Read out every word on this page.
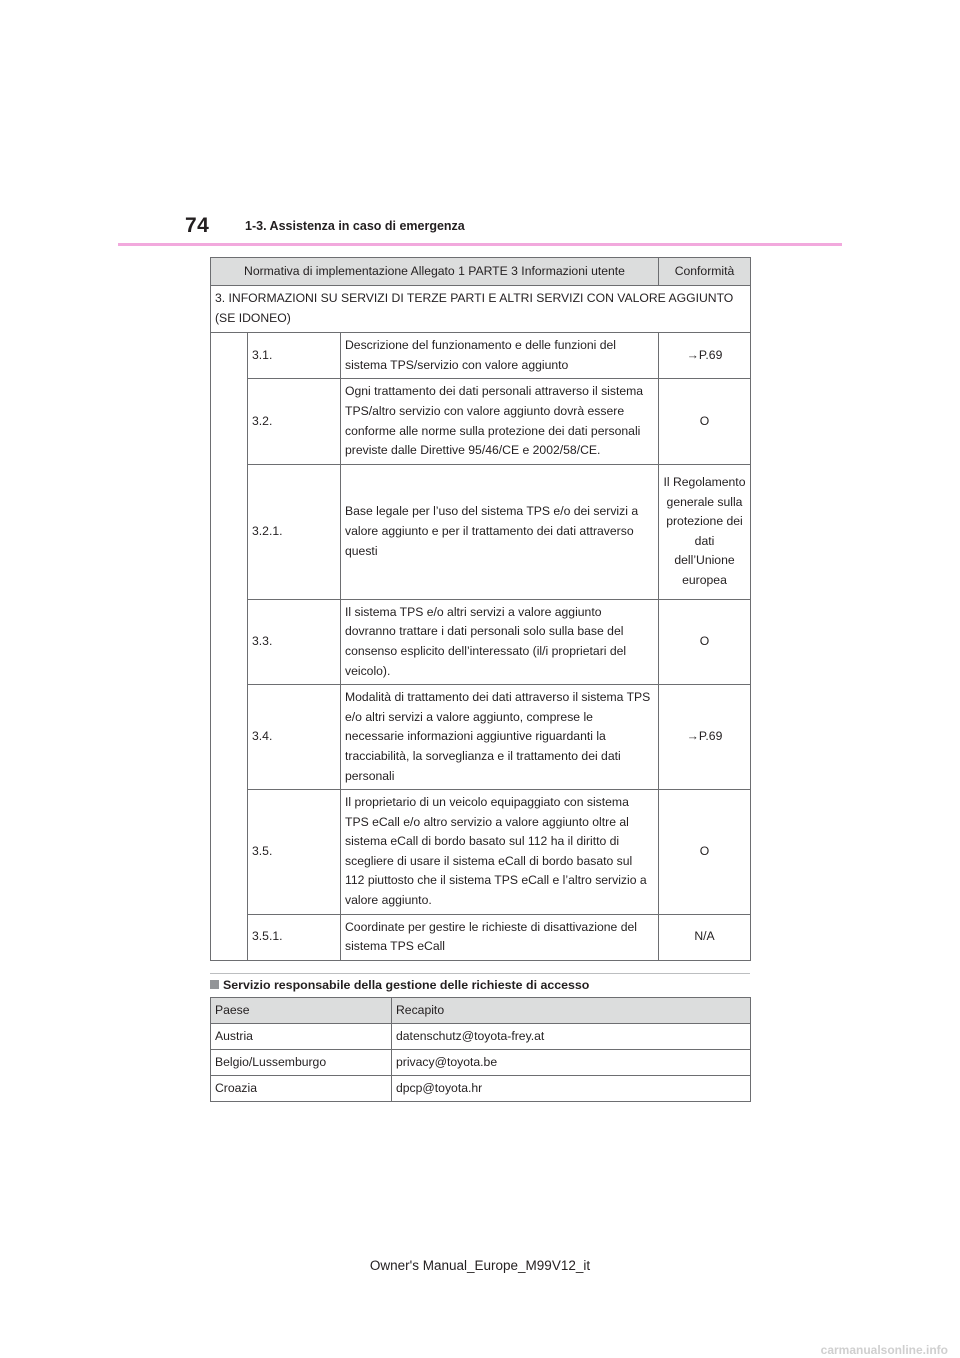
74	1-3. Assistenza in caso di emergenza
Normativa di implementazione Allegato 1 PARTE 3 Informazioni utente			Conformità
3. INFORMAZIONI SU SERVIZI DI TERZE PARTI E ALTRI SERVIZI CON VALORE AGGIUNTO (SE IDONEO)			
	3.1.	Descrizione del funzionamento e delle funzioni del sistema TPS/servizio con valore aggiunto	→P.69
	3.2.	Ogni trattamento dei dati personali attraverso il sistema TPS/altro servizio con valore aggiunto dovrà essere conforme alle norme sulla protezione dei dati personali previste dalle Direttive 95/46/CE e 2002/58/CE.	O
	3.2.1.	Base legale per l’uso del sistema TPS e/o dei servizi a valore aggiunto e per il trattamento dei dati attraverso questi	Il Regolamento generale sulla protezione dei dati dell’Unione europea
	3.3.	Il sistema TPS e/o altri servizi a valore aggiunto dovranno trattare i dati personali solo sulla base del consenso esplicito dell’interessato (il/i proprietari del veicolo).	O
	3.4.	Modalità di trattamento dei dati attraverso il sistema TPS e/o altri servizi a valore aggiunto, comprese le necessarie informazioni aggiuntive riguardanti la tracciabilità, la sorveglianza e il trattamento dei dati personali	→P.69
	3.5.	Il proprietario di un veicolo equipaggiato con sistema TPS eCall e/o altro servizio a valore aggiunto oltre al sistema eCall di bordo basato sul 112 ha il diritto di scegliere di usare il sistema eCall di bordo basato sul 112 piuttosto che il sistema TPS eCall e l’altro servizio a valore aggiunto.	O
	3.5.1.	Coordinate per gestire le richieste di disattivazione del sistema TPS eCall	N/A
Servizio responsabile della gestione delle richieste di accesso
Paese	Recapito
Austria	datenschutz@toyota-frey.at
Belgio/Lussemburgo	privacy@toyota.be
Croazia	dpcp@toyota.hr
Owner's Manual_Europe_M99V12_it
carmanualsonline.info
